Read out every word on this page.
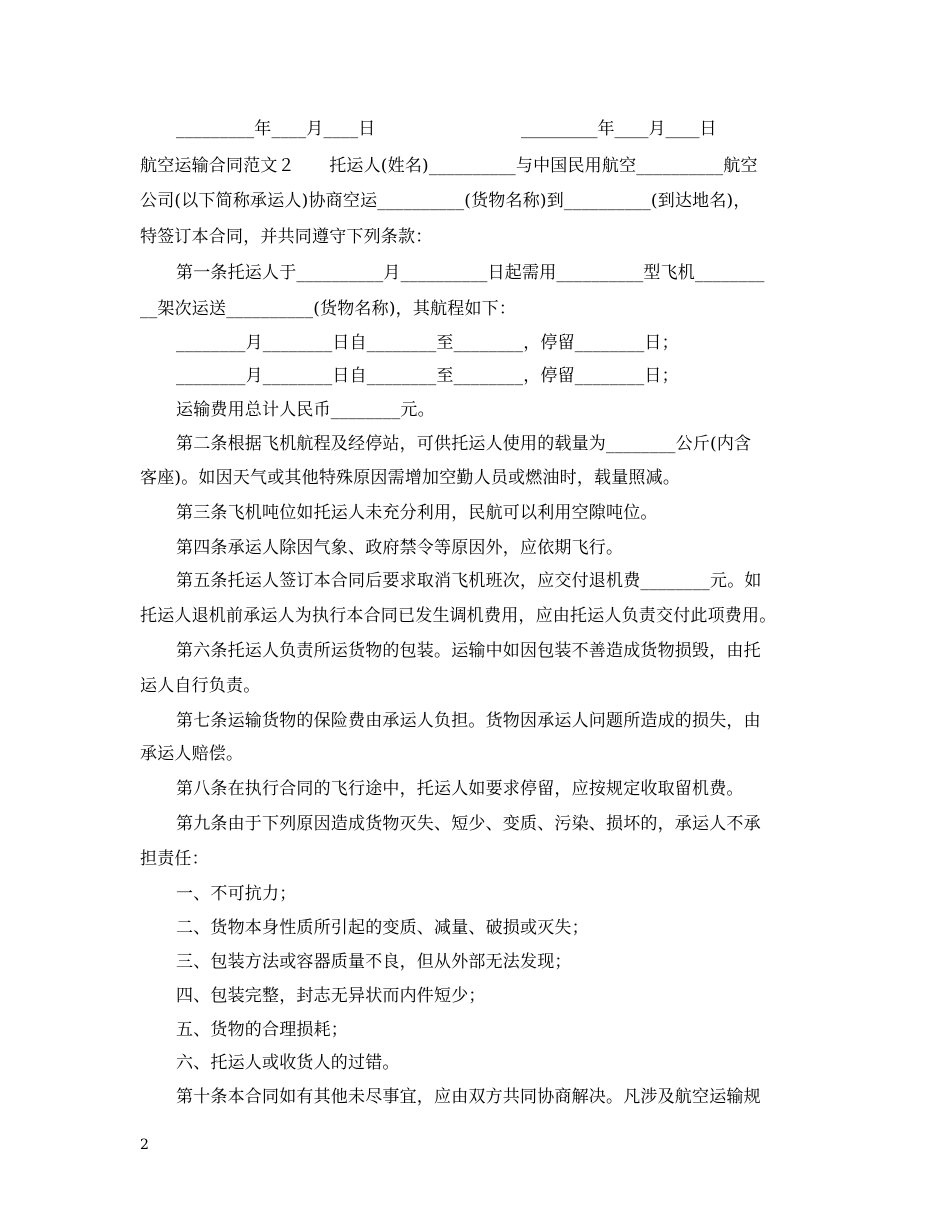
_________年____月____日	_________年____月____日
航空运输合同范文２　　托运人(姓名)__________与中国民用航空__________航空
公司(以下简称承运人)协商空运__________(货物名称)到__________(到达地名)，
特签订本合同，并共同遵守下列条款：
第一条托运人于__________月__________日起需用__________型飞机________
__架次运送__________(货物名称)，其航程如下：
________月________日自________至________，停留________日；
________月________日自________至________，停留________日；
运输费用总计人民币________元。
第二条根据飞机航程及经停站，可供托运人使用的载量为________公斤(内含
客座)。如因天气或其他特殊原因需增加空勤人员或燃油时，载量照减。
第三条飞机吨位如托运人未充分利用，民航可以利用空隙吨位。
第四条承运人除因气象、政府禁令等原因外，应依期飞行。
第五条托运人签订本合同后要求取消飞机班次，应交付退机费________元。如
托运人退机前承运人为执行本合同已发生调机费用，应由托运人负责交付此项费用。
第六条托运人负责所运货物的包装。运输中如因包装不善造成货物损毁，由托
运人自行负责。
第七条运输货物的保险费由承运人负担。货物因承运人问题所造成的损失，由
承运人赔偿。
第八条在执行合同的飞行途中，托运人如要求停留，应按规定收取留机费。
第九条由于下列原因造成货物灭失、短少、变质、污染、损坏的，承运人不承
担责任：
一、不可抗力；
二、货物本身性质所引起的变质、减量、破损或灭失；
三、包装方法或容器质量不良，但从外部无法发现；
四、包装完整，封志无异状而内件短少；
五、货物的合理损耗；
六、托运人或收货人的过错。
第十条本合同如有其他未尽事宜，应由双方共同协商解决。凡涉及航空运输规
2
